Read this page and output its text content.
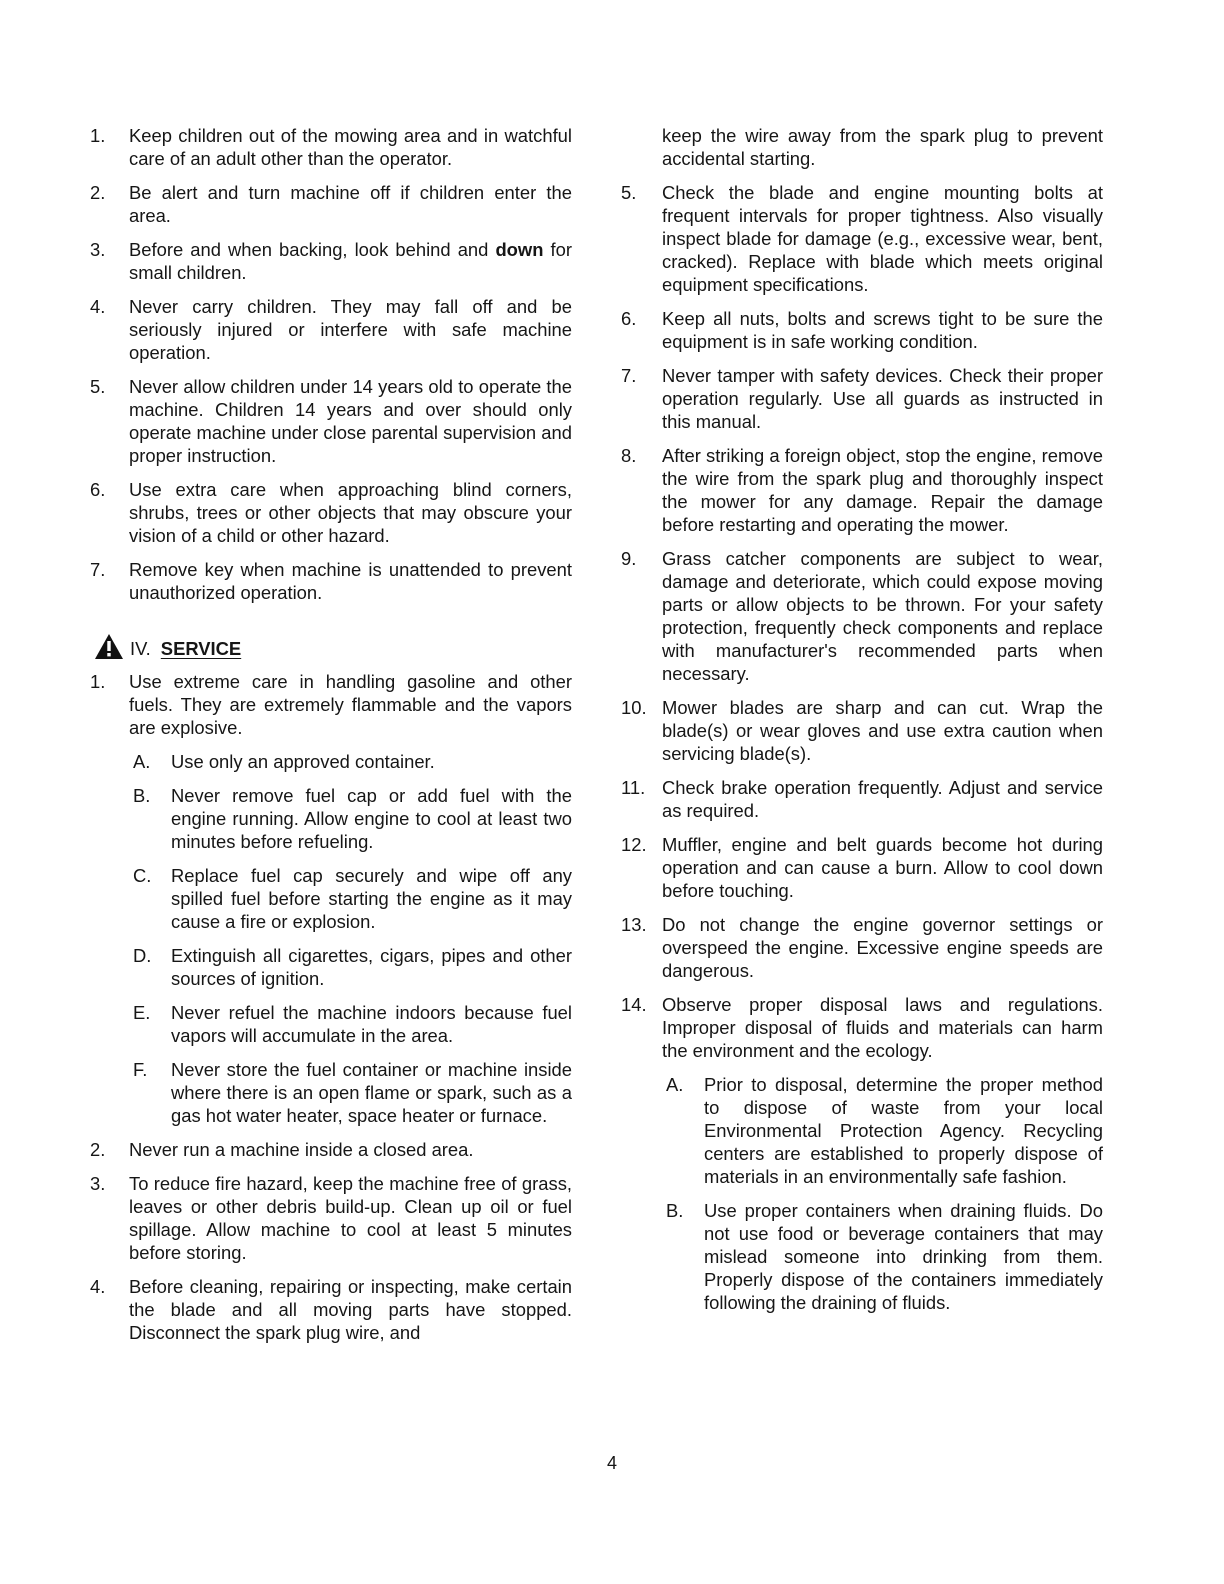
1.	Keep children out of the mowing area and in watchful care of an adult other than the operator.
2.	Be alert and turn machine off if children enter the area.
3.	Before and when backing, look behind and down for small children.
4.	Never carry children. They may fall off and be seriously injured or interfere with safe machine operation.
5.	Never allow children under 14 years old to operate the machine. Children 14 years and over should only operate machine under close parental supervision and proper instruction.
6.	Use extra care when approaching blind corners, shrubs, trees or other objects that may obscure your vision of a child or other hazard.
7.	Remove key when machine is unattended to prevent unauthorized operation.
IV. SERVICE
1.	Use extreme care in handling gasoline and other fuels. They are extremely flammable and the vapors are explosive.
A. Use only an approved container.
B. Never remove fuel cap or add fuel with the engine running. Allow engine to cool at least two minutes before refueling.
C. Replace fuel cap securely and wipe off any spilled fuel before starting the engine as it may cause a fire or explosion.
D. Extinguish all cigarettes, cigars, pipes and other sources of ignition.
E. Never refuel the machine indoors because fuel vapors will accumulate in the area.
F. Never store the fuel container or machine inside where there is an open flame or spark, such as a gas hot water heater, space heater or furnace.
2.	Never run a machine inside a closed area.
3.	To reduce fire hazard, keep the machine free of grass, leaves or other debris build-up. Clean up oil or fuel spillage. Allow machine to cool at least 5 minutes before storing.
4.	Before cleaning, repairing or inspecting, make certain the blade and all moving parts have stopped. Disconnect the spark plug wire, and
keep the wire away from the spark plug to prevent accidental starting.
5.	Check the blade and engine mounting bolts at frequent intervals for proper tightness. Also visually inspect blade for damage (e.g., excessive wear, bent, cracked). Replace with blade which meets original equipment specifications.
6.	Keep all nuts, bolts and screws tight to be sure the equipment is in safe working condition.
7.	Never tamper with safety devices. Check their proper operation regularly. Use all guards as instructed in this manual.
8.	After striking a foreign object, stop the engine, remove the wire from the spark plug and thoroughly inspect the mower for any damage. Repair the damage before restarting and operating the mower.
9.	Grass catcher components are subject to wear, damage and deteriorate, which could expose moving parts or allow objects to be thrown. For your safety protection, frequently check components and replace with manufacturer's recommended parts when necessary.
10. Mower blades are sharp and can cut. Wrap the blade(s) or wear gloves and use extra caution when servicing blade(s).
11. Check brake operation frequently. Adjust and service as required.
12. Muffler, engine and belt guards become hot during operation and can cause a burn. Allow to cool down before touching.
13. Do not change the engine governor settings or overspeed the engine. Excessive engine speeds are dangerous.
14. Observe proper disposal laws and regulations. Improper disposal of fluids and materials can harm the environment and the ecology.
A. Prior to disposal, determine the proper method to dispose of waste from your local Environmental Protection Agency. Recycling centers are established to properly dispose of materials in an environmentally safe fashion.
B. Use proper containers when draining fluids. Do not use food or beverage containers that may mislead someone into drinking from them. Properly dispose of the containers immediately following the draining of fluids.
4
